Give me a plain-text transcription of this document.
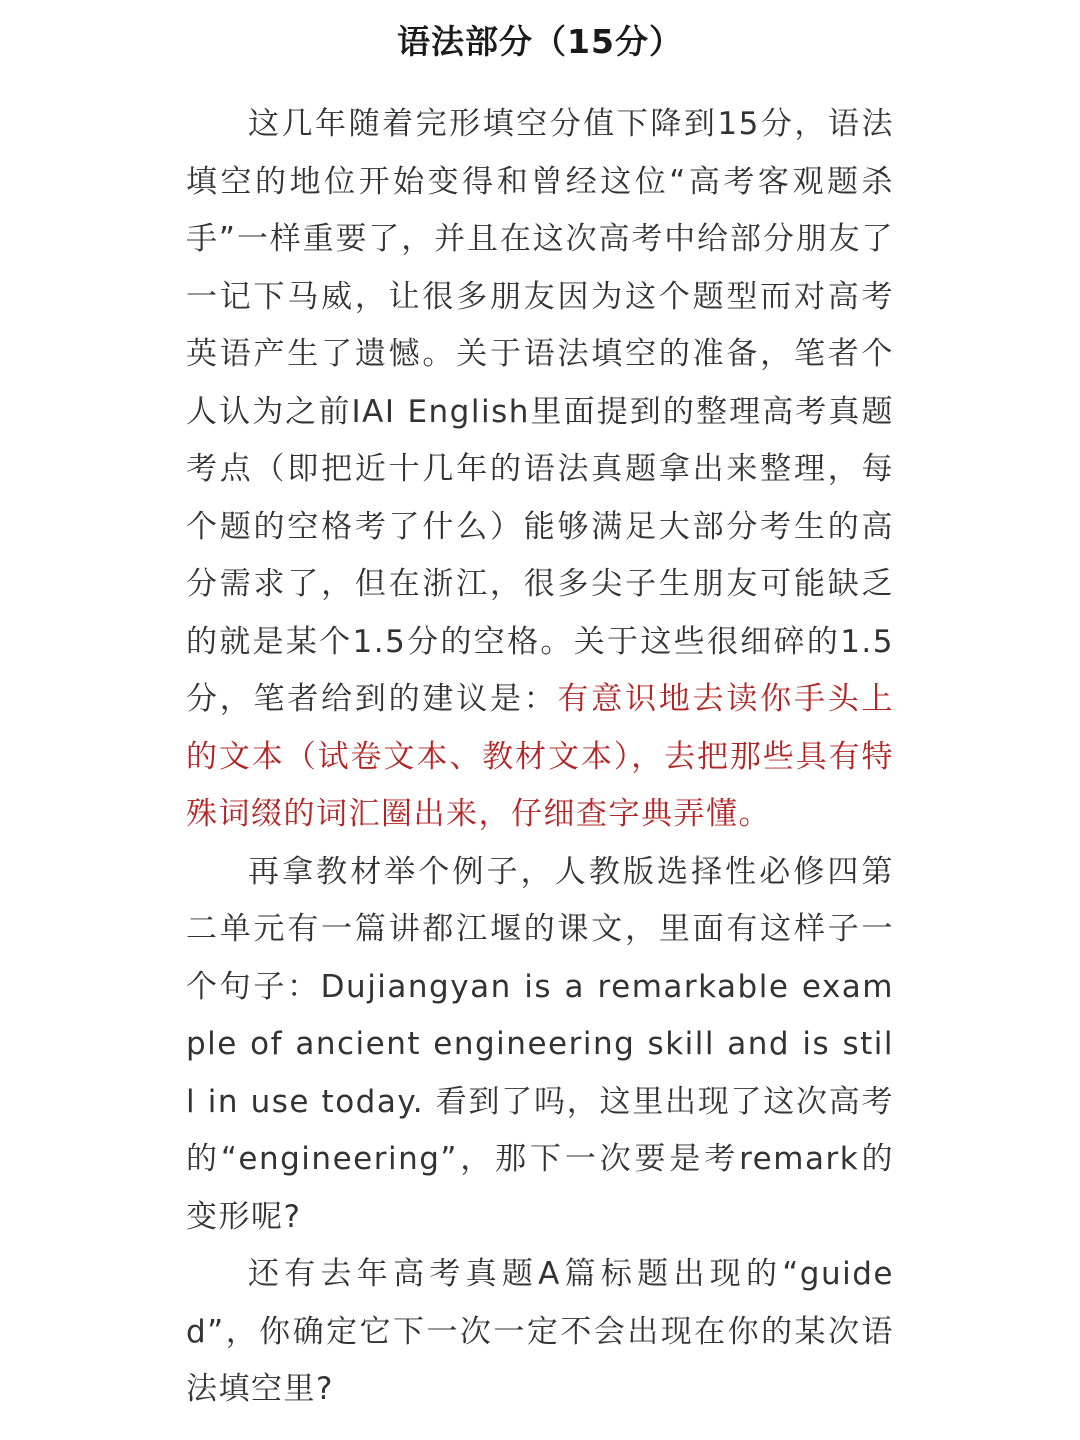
语法部分（15分）

这几年随着完形填空分值下降到15分，语法填空的地位开始变得和曾经这位“高考客观题杀手”一样重要了，并且在这次高考中给部分朋友了一记下马威，让很多朋友因为这个题型而对高考英语产生了遗憾。关于语法填空的准备，笔者个人认为之前IAI English里面提到的整理高考真题考点（即把近十几年的语法真题拿出来整理，每个题的空格考了什么）能够满足大部分考生的高分需求了，但在浙江，很多尖子生朋友可能缺乏的就是某个1.5分的空格。关于这些很细碎的1.5分，笔者给到的建议是：有意识地去读你手头上的文本（试卷文本、教材文本），去把那些具有特殊词缀的词汇圈出来，仔细查字典弄懂。

再拿教材举个例子，人教版选择性必修四第二单元有一篇讲都江堰的课文，里面有这样子一个句子：Dujiangyan is a remarkable example of ancient engineering skill and is still in use today. 看到了吗，这里出现了这次高考的“engineering”，那下一次要是考remark的变形呢?

还有去年高考真题A篇标题出现的“guided”，你确定它下一次一定不会出现在你的某次语法填空里?
